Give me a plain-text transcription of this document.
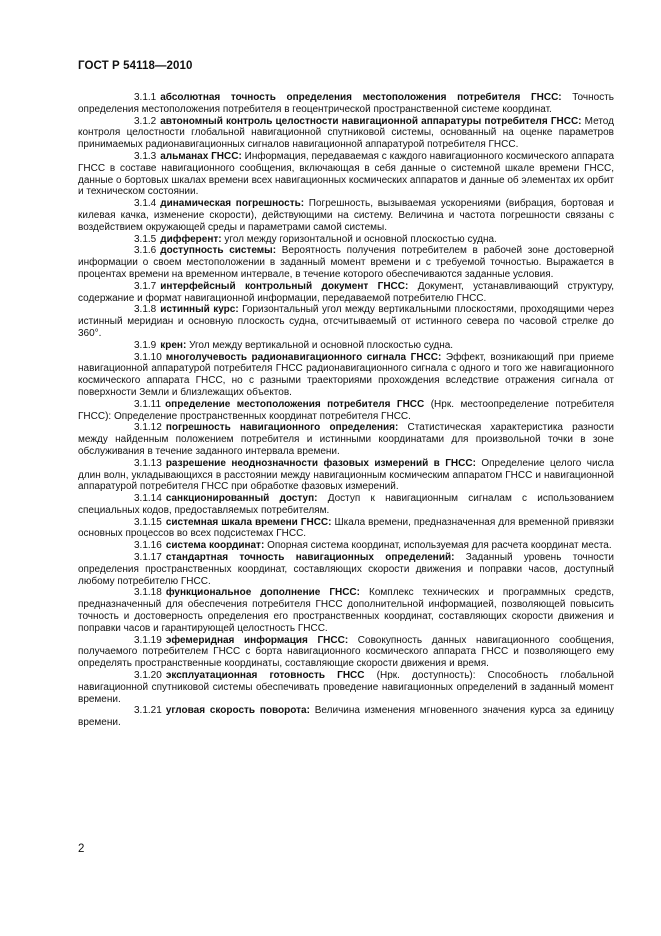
ГОСТ Р 54118—2010
3.1.1 абсолютная точность определения местоположения потребителя ГНСС: Точность определения местоположения потребителя в геоцентрической пространственной системе координат.
3.1.2 автономный контроль целостности навигационной аппаратуры потребителя ГНСС: Метод контроля целостности глобальной навигационной спутниковой системы, основанный на оценке параметров принимаемых радионавигационных сигналов навигационной аппаратурой потребителя ГНСС.
3.1.3 альманах ГНСС: Информация, передаваемая с каждого навигационного космического аппарата ГНСС в составе навигационного сообщения, включающая в себя данные о системной шкале времени ГНСС, данные о бортовых шкалах времени всех навигационных космических аппаратов и данные об элементах их орбит и техническом состоянии.
3.1.4 динамическая погрешность: Погрешность, вызываемая ускорениями (вибрация, бортовая и килевая качка, изменение скорости), действующими на систему. Величина и частота погрешности связаны с воздействием окружающей среды и параметрами самой системы.
3.1.5 дифферент: угол между горизонтальной и основной плоскостью судна.
3.1.6 доступность системы: Вероятность получения потребителем в рабочей зоне достоверной информации о своем местоположении в заданный момент времени и с требуемой точностью. Выражается в процентах времени на временном интервале, в течение которого обеспечиваются заданные условия.
3.1.7 интерфейсный контрольный документ ГНСС: Документ, устанавливающий структуру, содержание и формат навигационной информации, передаваемой потребителю ГНСС.
3.1.8 истинный курс: Горизонтальный угол между вертикальными плоскостями, проходящими через истинный меридиан и основную плоскость судна, отсчитываемый от истинного севера по часовой стрелке до 360°.
3.1.9 крен: Угол между вертикальной и основной плоскостью судна.
3.1.10 многолучевость радионавигационного сигнала ГНСС: Эффект, возникающий при приеме навигационной аппаратурой потребителя ГНСС радионавигационного сигнала с одного и того же навигационного космического аппарата ГНСС, но с разными траекториями прохождения вследствие отражения сигнала от поверхности Земли и близлежащих объектов.
3.1.11 определение местоположения потребителя ГНСС (Нрк. местоопределение потребителя ГНСС): Определение пространственных координат потребителя ГНСС.
3.1.12 погрешность навигационного определения: Статистическая характеристика разности между найденным положением потребителя и истинными координатами для произвольной точки в зоне обслуживания в течение заданного интервала времени.
3.1.13 разрешение неоднозначности фазовых измерений в ГНСС: Определение целого числа длин волн, укладывающихся в расстоянии между навигационным космическим аппаратом ГНСС и навигационной аппаратурой потребителя ГНСС при обработке фазовых измерений.
3.1.14 санкционированный доступ: Доступ к навигационным сигналам с использованием специальных кодов, предоставляемых потребителям.
3.1.15 системная шкала времени ГНСС: Шкала времени, предназначенная для временной привязки основных процессов во всех подсистемах ГНСС.
3.1.16 система координат: Опорная система координат, используемая для расчета координат места.
3.1.17 стандартная точность навигационных определений: Заданный уровень точности определения пространственных координат, составляющих скорости движения и поправки часов, доступный любому потребителю ГНСС.
3.1.18 функциональное дополнение ГНСС: Комплекс технических и программных средств, предназначенный для обеспечения потребителя ГНСС дополнительной информацией, позволяющей повысить точность и достоверность определения его пространственных координат, составляющих скорости движения и поправки часов и гарантирующей целостность ГНСС.
3.1.19 эфемеридная информация ГНСС: Совокупность данных навигационного сообщения, получаемого потребителем ГНСС с борта навигационного космического аппарата ГНСС и позволяющего ему определять пространственные координаты, составляющие скорости движения и время.
3.1.20 эксплуатационная готовность ГНСС (Нрк. доступность): Способность глобальной навигационной спутниковой системы обеспечивать проведение навигационных определений в заданный момент времени.
3.1.21 угловая скорость поворота: Величина изменения мгновенного значения курса за единицу времени.
2
